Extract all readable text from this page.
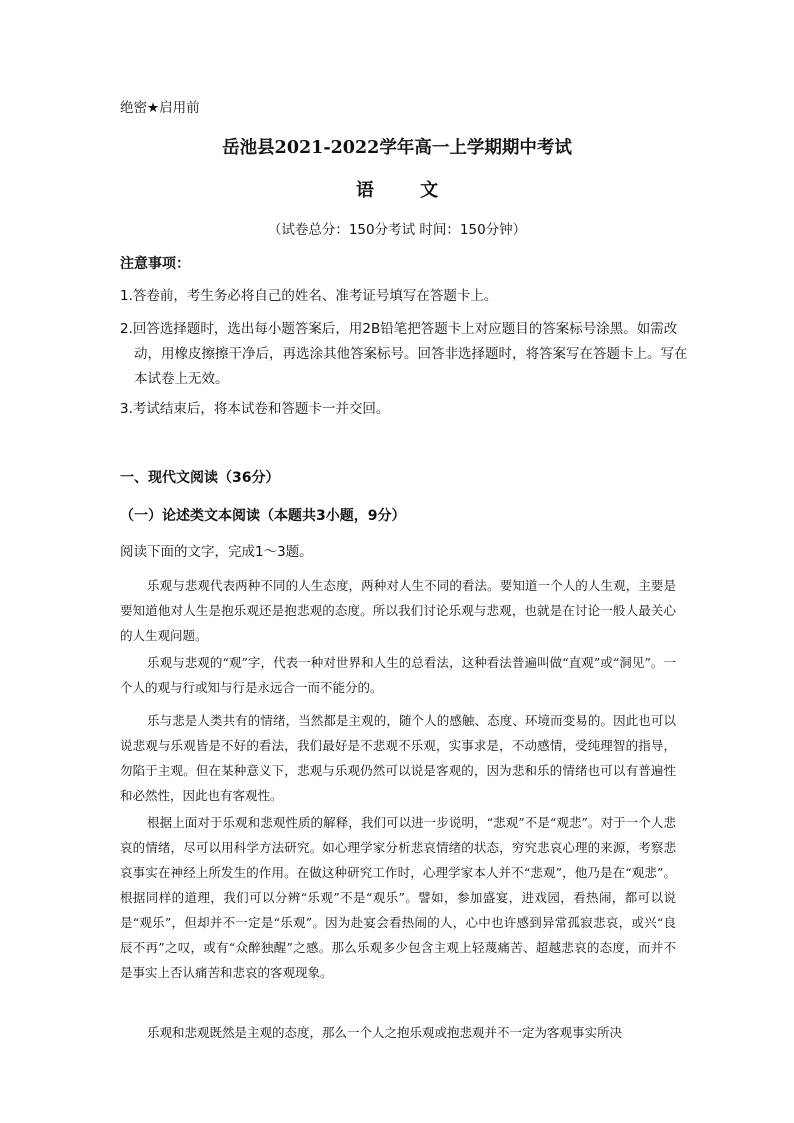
绝密★启用前

岳池县2021-2022学年高一上学期期中考试
语 文

（试卷总分：150分考试 时间：150分钟）

注意事项：

1.答卷前，考生务必将自己的姓名、准考证号填写在答题卡上。

2.回答选择题时，选出每小题答案后，用2B铅笔把答题卡上对应题目的答案标号涂黑。如需改动，用橡皮擦擦干净后，再选涂其他答案标号。回答非选择题时，将答案写在答题卡上。写在本试卷上无效。

3.考试结束后，将本试卷和答题卡一并交回。

一、现代文阅读（36分）

（一）论述类文本阅读（本题共3小题，9分）

阅读下面的文字，完成1～3题。

乐观与悲观代表两种不同的人生态度，两种对人生不同的看法。要知道一个人的人生观，主要是要知道他对人生是抱乐观还是抱悲观的态度。所以我们讨论乐观与悲观，也就是在讨论一般人最关心的人生观问题。

乐观与悲观的“观”字，代表一种对世界和人生的总看法，这种看法普遍叫做“直观”或“洞见”。一个人的观与行或知与行是永远合一而不能分的。

乐与悲是人类共有的情绪，当然都是主观的，随个人的感触、态度、环境而变易的。因此也可以说悲观与乐观皆是不好的看法，我们最好是不悲观不乐观，实事求是，不动感情，受纯理智的指导，勿陷于主观。但在某种意义下，悲观与乐观仍然可以说是客观的，因为悲和乐的情绪也可以有普遍性和必然性，因此也有客观性。

根据上面对于乐观和悲观性质的解释，我们可以进一步说明，“悲观”不是“观悲”。对于一个人悲哀的情绪，尽可以用科学方法研究。如心理学家分析悲哀情绪的状态，穷究悲哀心理的来源，考察悲哀事实在神经上所发生的作用。在做这种研究工作时，心理学家本人并不“悲观”，他乃是在“观悲”。根据同样的道理，我们可以分辨“乐观”不是“观乐”。譬如，参加盛宴，进戏园，看热闹，都可以说是“观乐”，但却并不一定是“乐观”。因为赴宴会看热闹的人，心中也许感到异常孤寂悲哀，或兴“良辰不再”之叹，或有“众醉独醒”之感。那么乐观多少包含主观上轻蔑痛苦、超越悲哀的态度，而并不是事实上否认痛苦和悲哀的客观现象。

乐观和悲观既然是主观的态度，那么一个人之抱乐观或抱悲观并不一定为客观事实所决
